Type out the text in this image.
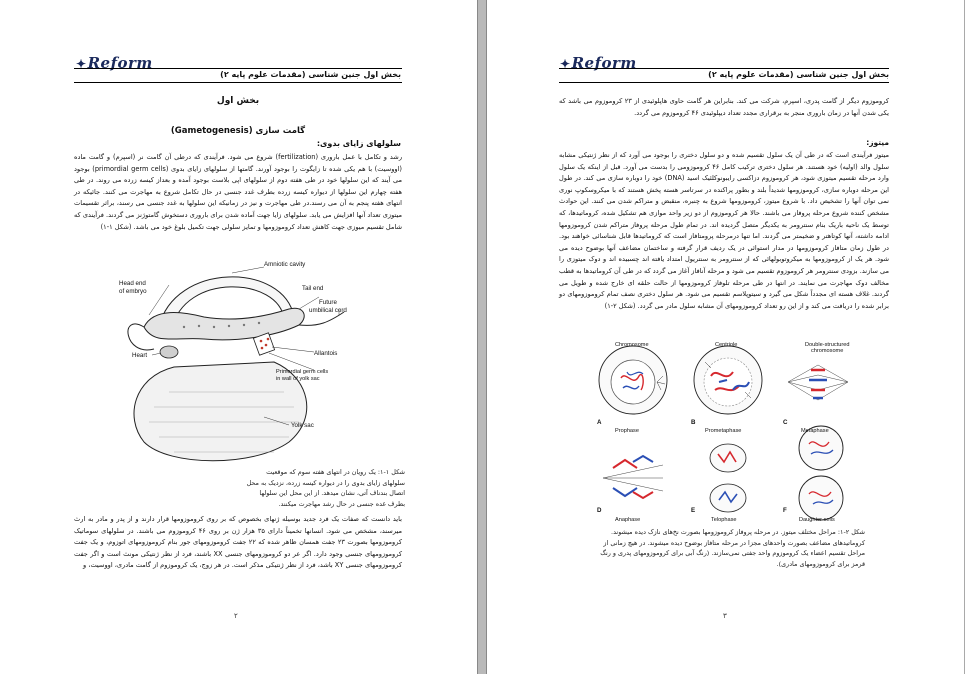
✦Reform
بخش اول جنین شناسی (مقدمات علوم پایه ۲)
بخش اول
گامت سازی (Gametogenesis)
سلولهای زایای بدوی:
رشد و تکامل با عمل باروری (fertilization) شروع می شود. فرآیندی که درطی آن گامت نر (اسپرم) و گامت ماده (اووسیت) با هم یکی شده تا زایگوت را بوجود آورند. گامتها از سلولهای زایای بدوی (primordial germ cells) بوجود می آیند که این سلولها خود در طی هفته دوم از سلولهای اپی بلاست بوجود آمده و بعداز کیسه زرده می روند. در طی هفته چهارم این سلولها از دیواره کیسه زرده بطرف غدد جنسی در حال تکامل شروع به مهاجرت می کنند. جائیکه در انتهای هفته پنجم به آن می رسند.در طی مهاجرت و نیز در زمانیکه این سلولها به غدد جنسی می رسند، براثر تقسیمات میتوزی تعداد آنها افزایش می یابد. سلولهای زایا جهت آماده شدن برای باروری دستخوش گامتوژنز می گردند. فرآیندی که شامل تقسیم میوزی جهت کاهش تعداد کروموزومها و تمایز سلولی جهت تکمیل بلوغ خود می باشد. (شکل ۱-۱)
Amniotic cavity
Head end
of embryo	Tail end
Future
umbilical cord
Heart	Allantois
Primordial germ cells
in wall of yolk sac
Yolk sac
شکل ۱-۱: یک رویان در انتهای هفته سوم که موقعیت سلولهای زایای بدوی را در دیواره کیسه زرده، نزدیک به محل اتصال بندناف آتی، نشان میدهد. از این محل این سلولها بطرف غده جنسی در حال رشد مهاجرت میکنند.
باید دانست که صفات یک فرد جدید بوسیله ژنهای بخصوص که بر روی کروموزومها قرار دارند و از پدر و مادر به ارث میرسند، مشخص می شود. انسانها تخمیناً دارای ۳۵ هزار ژن بر روی ۴۶ کروموزوم می باشند. در سلولهای سوماتیک کروموزومها بصورت ۲۳ جفت همسان ظاهر شده که ۲۲ جفت کروموزومهای جور بنام کروموزومهای اتوزوم، و یک جفت کروموزومهای جنسی وجود دارد. اگر عر دو کروموزومهای جنسی XX باشند، فرد از نظر ژنتیکی مونث است و اگر جفت کروموزومهای جنسی XY باشد، فرد از نظر ژنتیکی مذکر است. در هر زوج، یک کروموزوم از گامت مادری، اووسیت، و
۲
✦Reform
بخش اول جنین شناسی (مقدمات علوم پایه ۲)
کروموزوم دیگر از گامت پدری، اسپرم، شرکت می کند. بنابراین هر گامت حاوی هاپلوئیدی از ۲۳ کروموزوم می باشد که یکی شدن آنها در زمان باروری منجر به برقراری مجدد تعداد دیپلوئیدی ۴۶ کروموزوم می گردد.
میتوز:
میتوز فرآیندی است که در طی آن یک سلول تقسیم شده و دو سلول دختری را بوجود می آورد که از نظر ژنتیکی مشابه سلول والد (اولیه) خود هستند. هر سلول دختری ترکیب کامل ۴۶ کروموزومی را بدست می آورد. قبل از اینکه یک سلول وارد مرحله تقسیم میتوزی شود، هر کروموزوم دزاکسی رایبونوکلئیک اسید (DNA) خود را دوباره سازی می کند. در طول این مرحله دوباره سازی، کروموزومها شدیداً بلند و بطور پراکنده در سرتاسر هسته پخش هستند که با میکروسکوپ نوری نمی توان آنها را تشخیص داد. با شروع میتوز، کروموزومها شروع به چنبره، منقبض و متراکم شدن می کنند. این حوادث مشخص کننده شروع مرحله پروفاز می باشند. حالا هر کروموزوم از دو زیر واحد موازی هم تشکیل شده، کروماتیدها، که توسط یک ناحیه باریک بنام سنترومر به یکدیگر متصل گردیده اند. در تمام طول مرحله پروفاز متراکم شدن کروموزومها ادامه داشته، آنها کوتاهتر و ضخیمتر می گردند. اما تنها درمرحله پرومتافاز است که کروماتیدها قابل شناسائی خواهند بود. در طول زمان متافاز کروموزومها در مدار استوائی در یک ردیف قرار گرفته و ساختمان مضاعف آنها بوضوح دیده می شود. هر یک از کروموزومها به میکروتوبولهائی که از سنترومر به سنتریول امتداد یافته اند چسبیده اند و دوک میتوزی را می سازند. بزودی سنترومر هر کروموزوم تقسیم می شود و مرحله آنافاز آغاز می گردد که در طی آن کروماتیدها به قطب مخالف دوک مهاجرت می نمایند. در انتها در طی مرحله تلوفاز کروموزومها از حالت حلقه ای خارج شده و طویل می گردند. غلاف هسته ای مجدداً شکل می گیرد و سیتوپلاسم تقسیم می شود. هر سلول دختری نصف تمام کروموزومهای دو برابر شده را دریافت می کند و از این رو تعداد کروموزومهای آن مشابه سلول مادر می گردد. (شکل ۲-۱)
Chromosome	Centriole	Double-structured
chromosome
A
Prophase
B
Prometaphase
C
Metaphase
D
Anaphase
E
Telophase
F
Daughter cells
شکل ۲-۱: مراحل مختلف میتوز. در مرحله پروفاز کروموزومها بصورت نخ‌های نازک دیده میشوند. کروماتیدهای مضاعف بصورت واحدهای مجزا در مرحله متافاز بوضوح دیده میشوند. در هیچ زمانی از مراحل تقسیم اعضاء یک کروموزوم واحد جفتی نمی‌سازند. (رنگ آبی برای کروموزومهای پدری و رنگ قرمز برای کروموزومهای مادری).
۳
